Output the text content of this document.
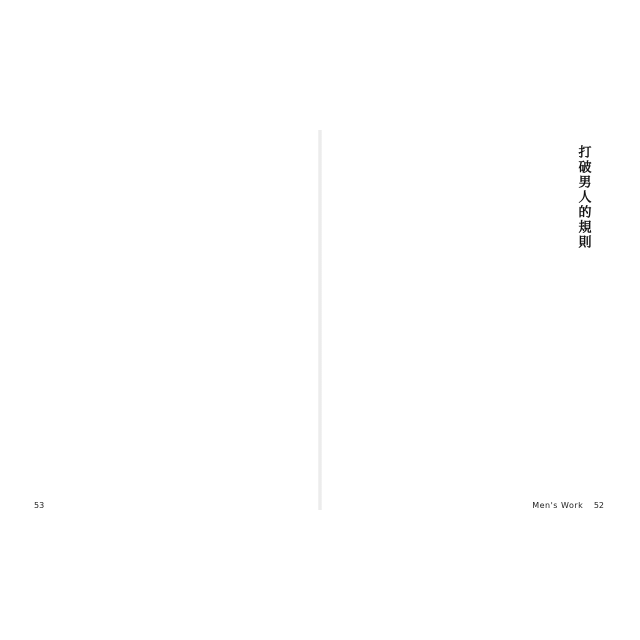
53

打破男人的規則

Men's Work 52
